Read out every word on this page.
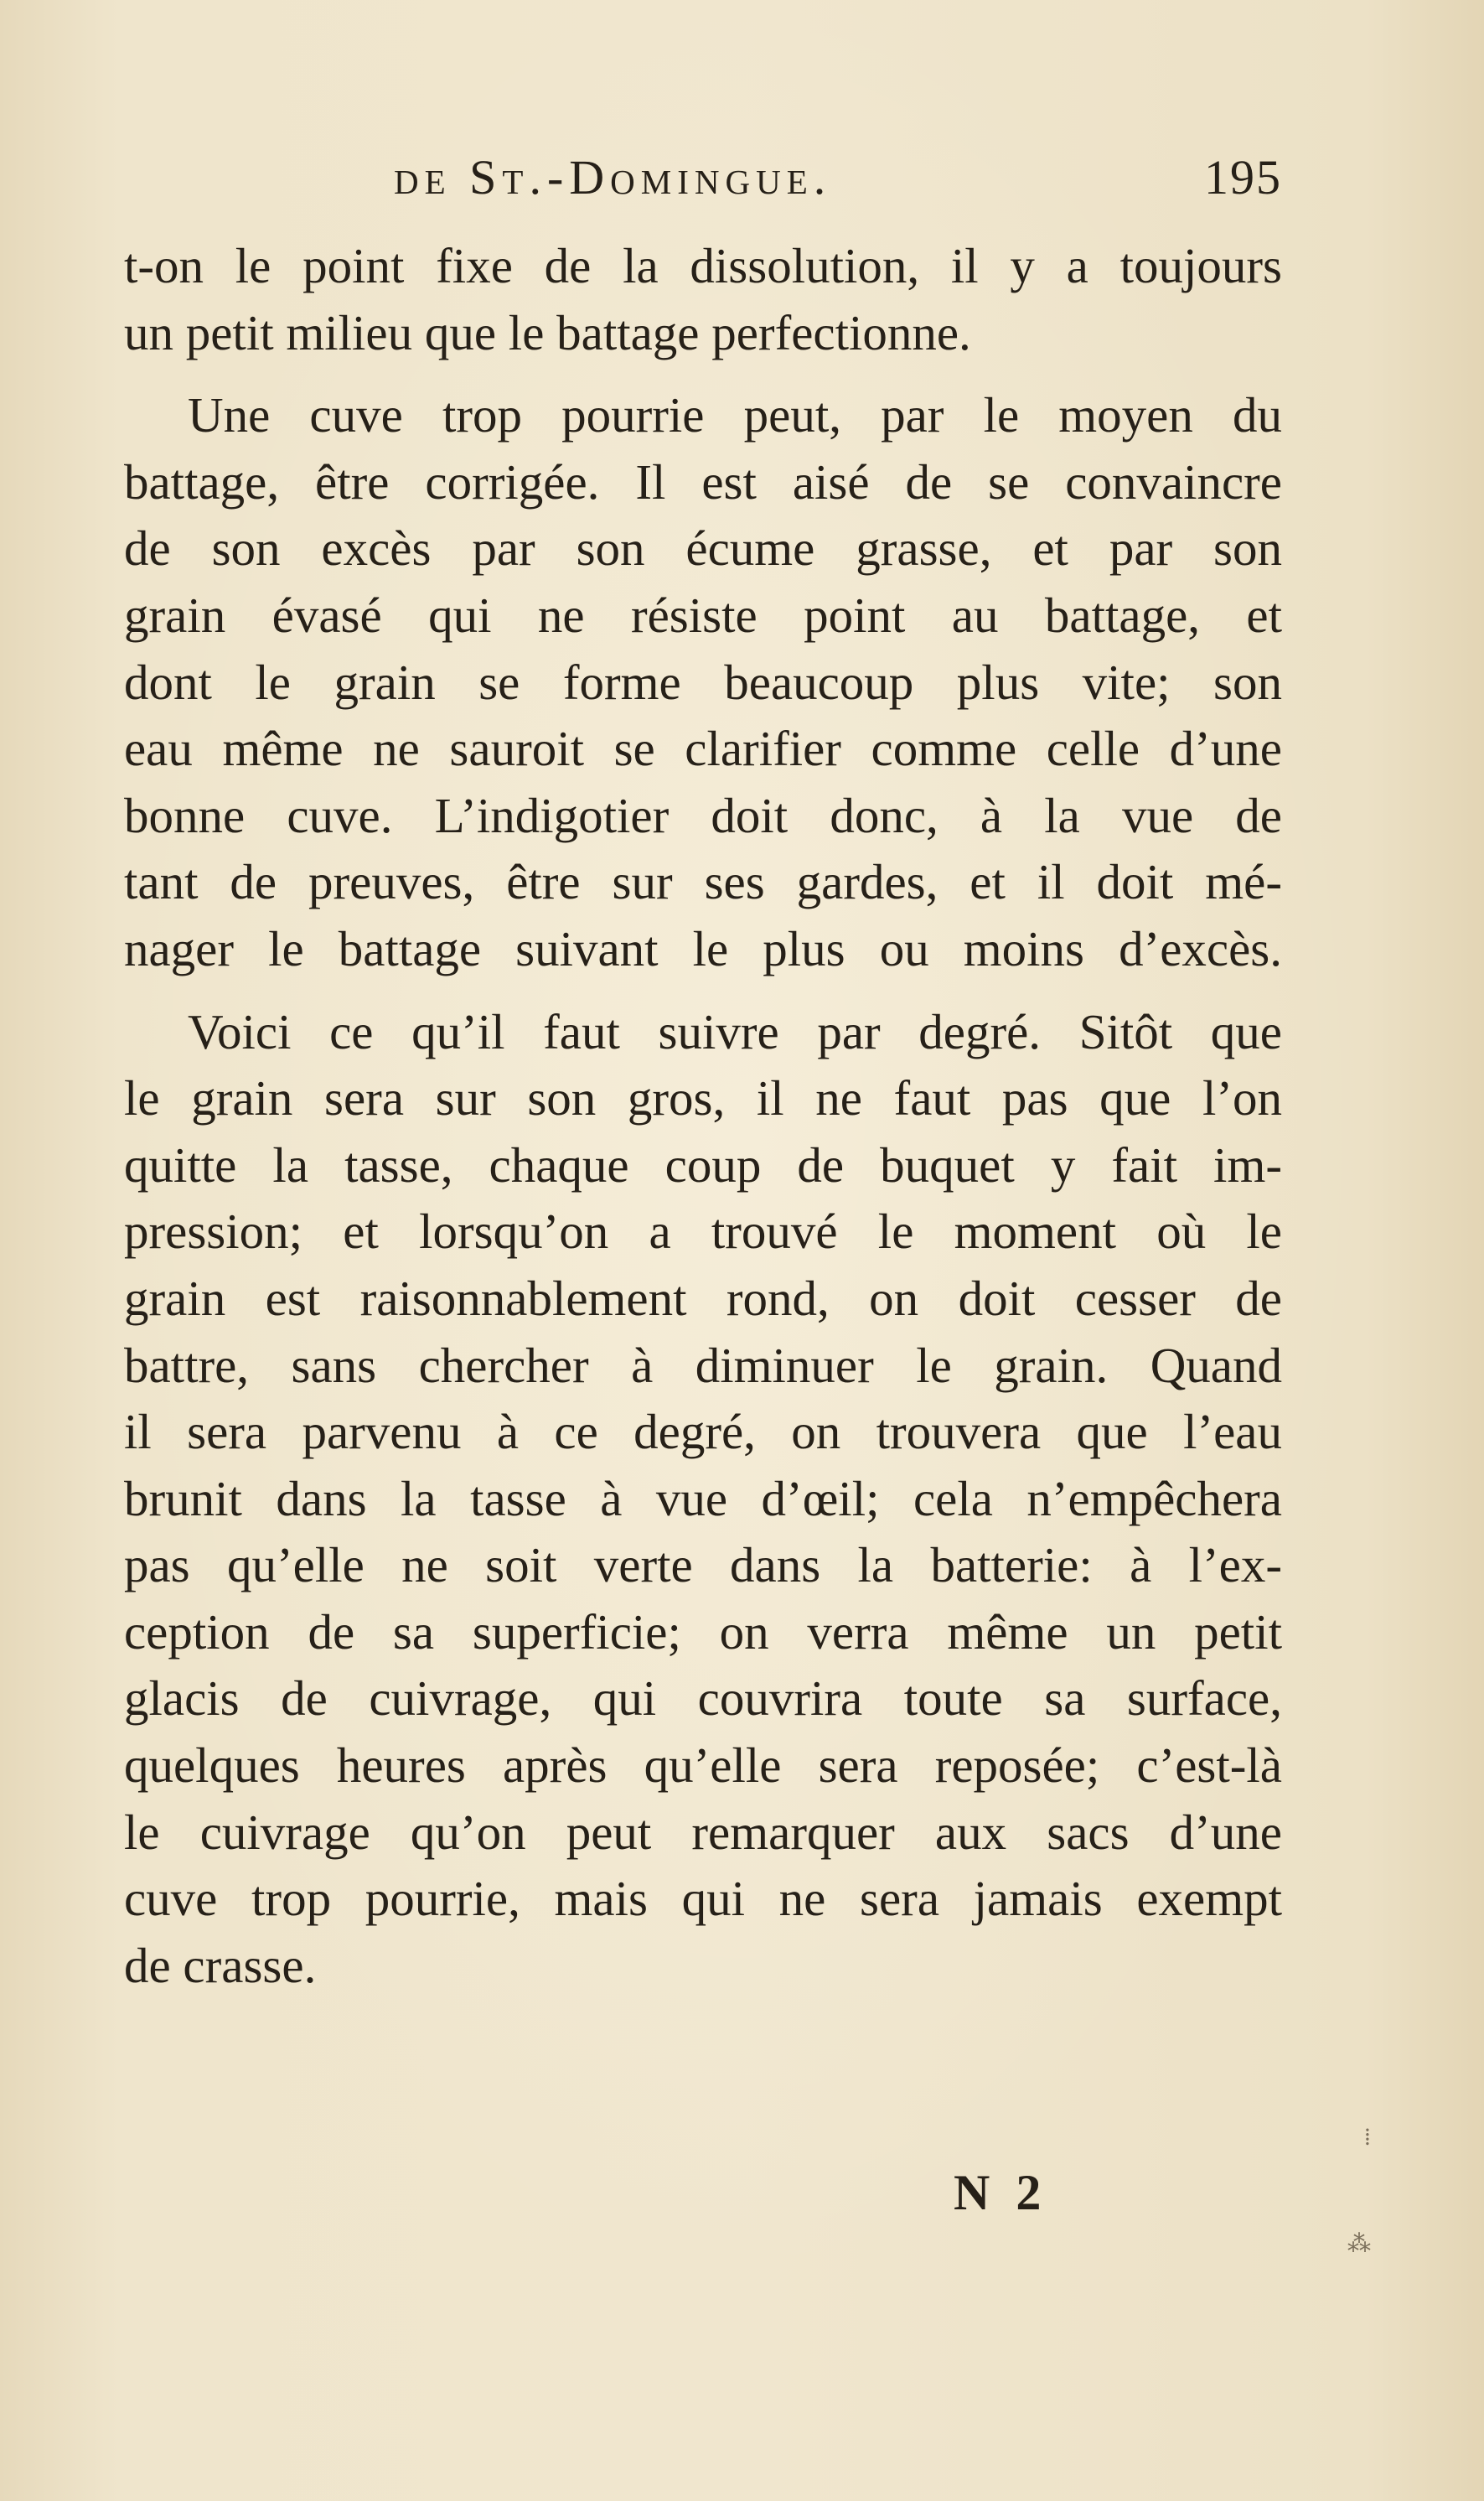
de St.-Domingue.	195
t-on le point fixe de la dissolution, il y a toujours
un petit milieu que le battage perfectionne.
Une cuve trop pourrie peut, par le moyen du
battage, être corrigée. Il est aisé de se convaincre
de son excès par son écume grasse, et par son
grain évasé qui ne résiste point au battage, et
dont le grain se forme beaucoup plus vite; son
eau même ne sauroit se clarifier comme celle d’une
bonne cuve. L’indigotier doit donc, à la vue de
tant de preuves, être sur ses gardes, et il doit mé-
nager le battage suivant le plus ou moins d’excès.
Voici ce qu’il faut suivre par degré. Sitôt que
le grain sera sur son gros, il ne faut pas que l’on
quitte la tasse, chaque coup de buquet y fait im-
pression; et lorsqu’on a trouvé le moment où le
grain est raisonnablement rond, on doit cesser de
battre, sans chercher à diminuer le grain. Quand
il sera parvenu à ce degré, on trouvera que l’eau
brunit dans la tasse à vue d’œil; cela n’empêchera
pas qu’elle ne soit verte dans la batterie: à l’ex-
ception de sa superficie; on verra même un petit
glacis de cuivrage, qui couvrira toute sa surface,
quelques heures après qu’elle sera reposée; c’est-là
le cuivrage qu’on peut remarquer aux sacs d’une
cuve trop pourrie, mais qui ne sera jamais exempt
de crasse.
N 2
⁞
⁂
